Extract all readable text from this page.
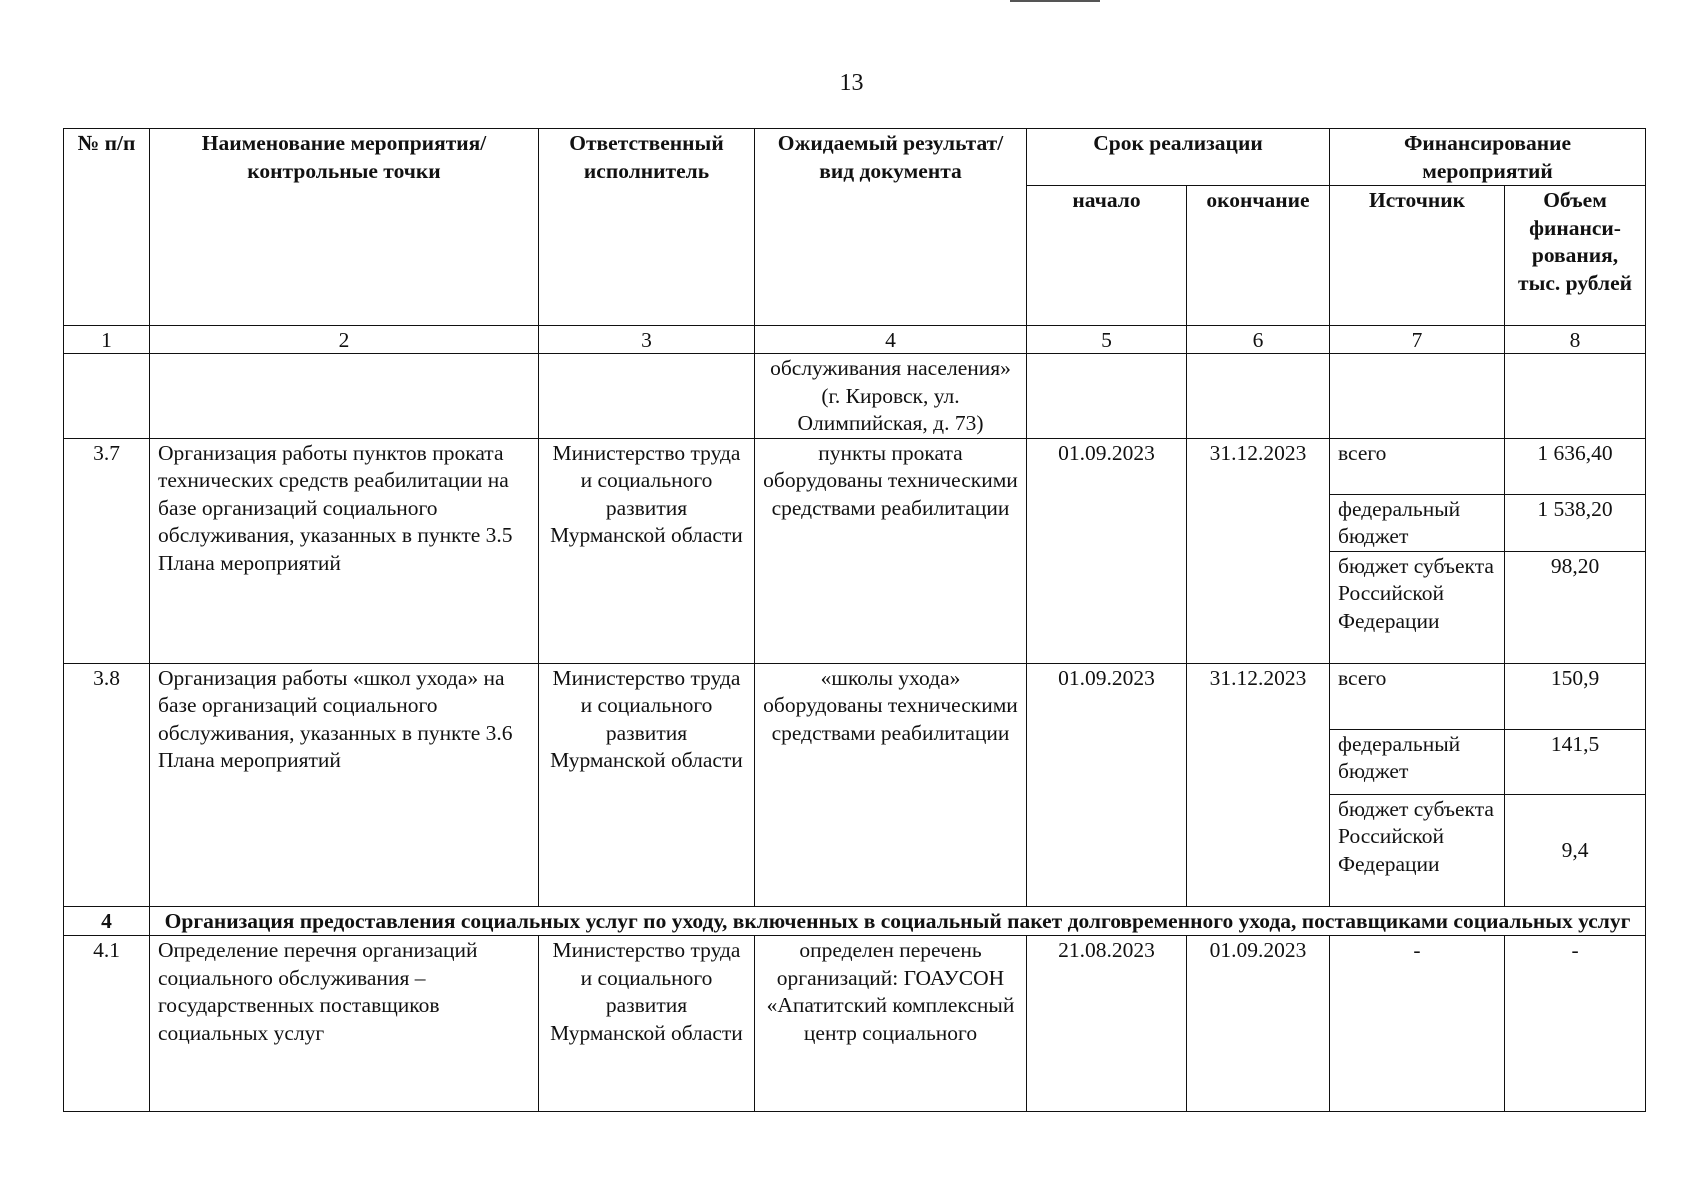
13
№ п/п	Наименование мероприятия/ контрольные точки	Ответственный исполнитель	Ожидаемый результат/вид документа	Срок реализации		Финансирование мероприятий	
				начало	окончание	Источник	Объем финанси-рования, тыс. рублей
1	2	3	4	5	6	7	8
			обслуживания населения» (г. Кировск, ул. Олимпийская, д. 73)				
3.7	Организация работы пунктов проката технических средств реабилитации на базе организаций социального обслуживания, указанных в пункте 3.5 Плана мероприятий	Министерство труда и социального развития Мурманской области	пункты проката оборудованы техническими средствами реабилитации	01.09.2023	31.12.2023	всего	1 636,40
						федеральный бюджет	1 538,20
						бюджет субъекта Российской Федерации	98,20
3.8	Организация работы «школ ухода» на базе организаций социального обслуживания, указанных в пункте 3.6 Плана мероприятий	Министерство труда и социального развития Мурманской области	«школы ухода» оборудованы техническими средствами реабилитации	01.09.2023	31.12.2023	всего	150,9
						федеральный бюджет	141,5
						бюджет субъекта Российской Федерации	9,4
4	Организация предоставления социальных услуг по уходу, включенных в социальный пакет долговременного ухода, поставщиками социальных услуг						
4.1	Определение перечня организаций социального обслуживания – государственных поставщиков социальных услуг	Министерство труда и социального развития Мурманской области	определен перечень организаций: ГОАУСОН «Апатитский комплексный центр социального	21.08.2023	01.09.2023	-	-
